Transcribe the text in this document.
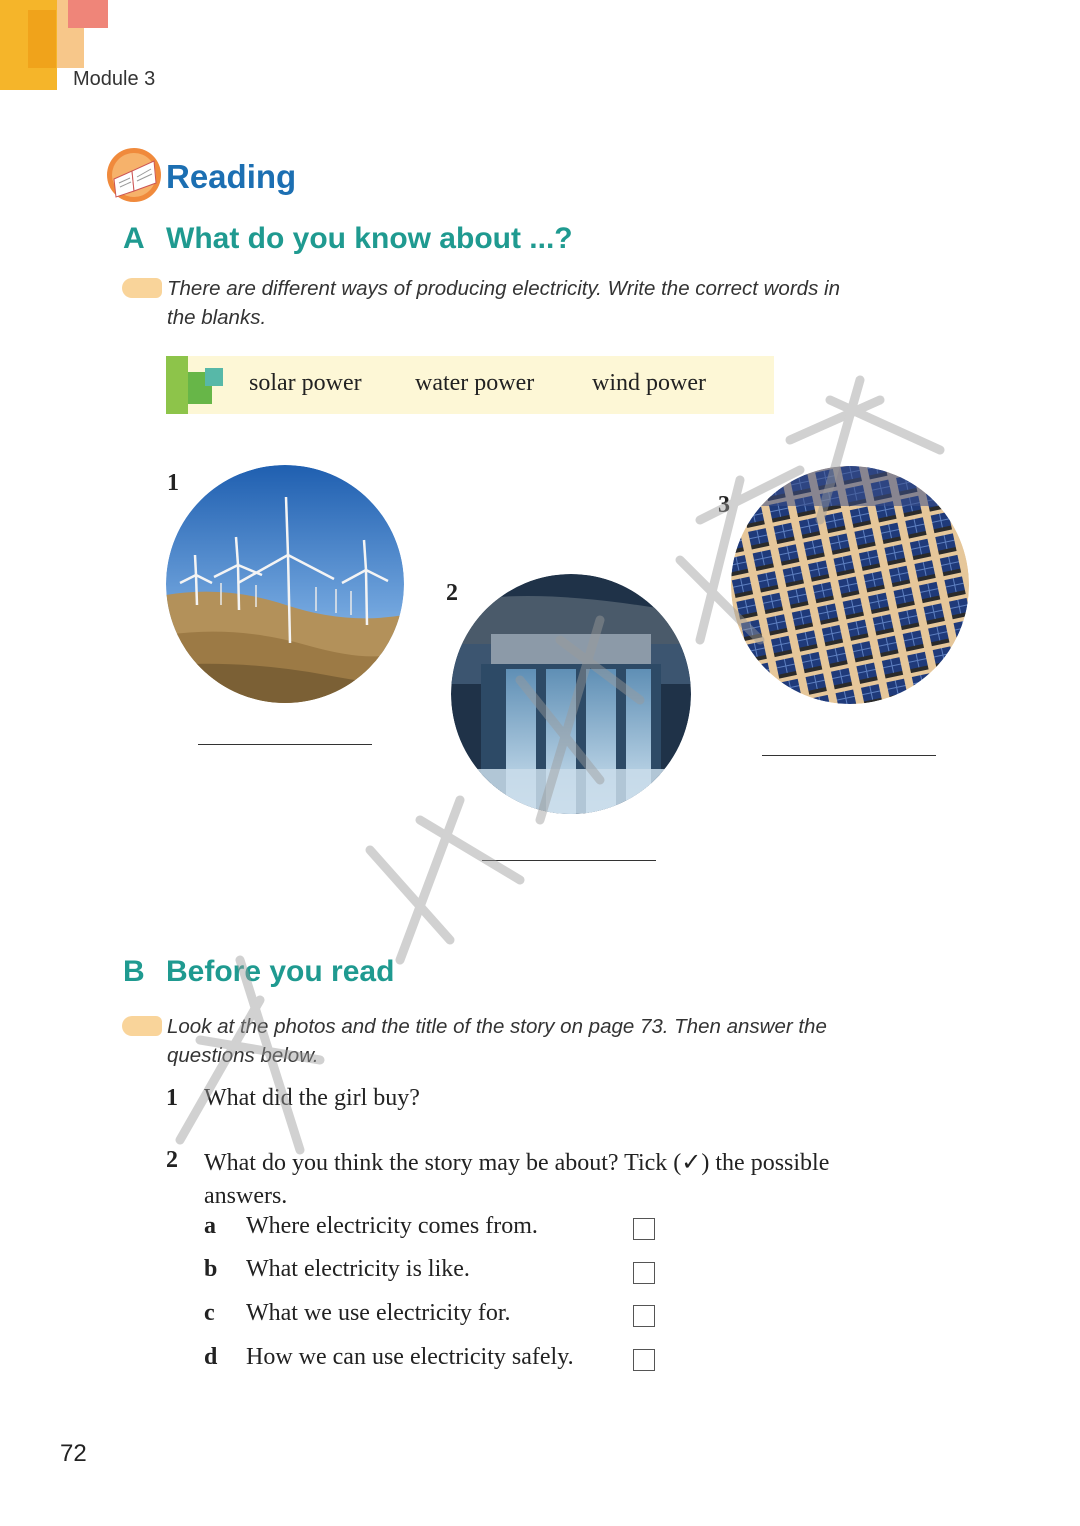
Module 3
Reading
A What do you know about ...?
There are different ways of producing electricity. Write the correct words in
the blanks.
solar power water power wind power
1
2
3
B Before you read
Look at the photos and the title of the story on page 73. Then answer the
questions below.
1 What did the girl buy?
2 What do you think the story may be about? Tick (✓) the possible
answers.
a Where electricity comes from.
b What electricity is like.
c What we use electricity for.
d How we can use electricity safely.
72
